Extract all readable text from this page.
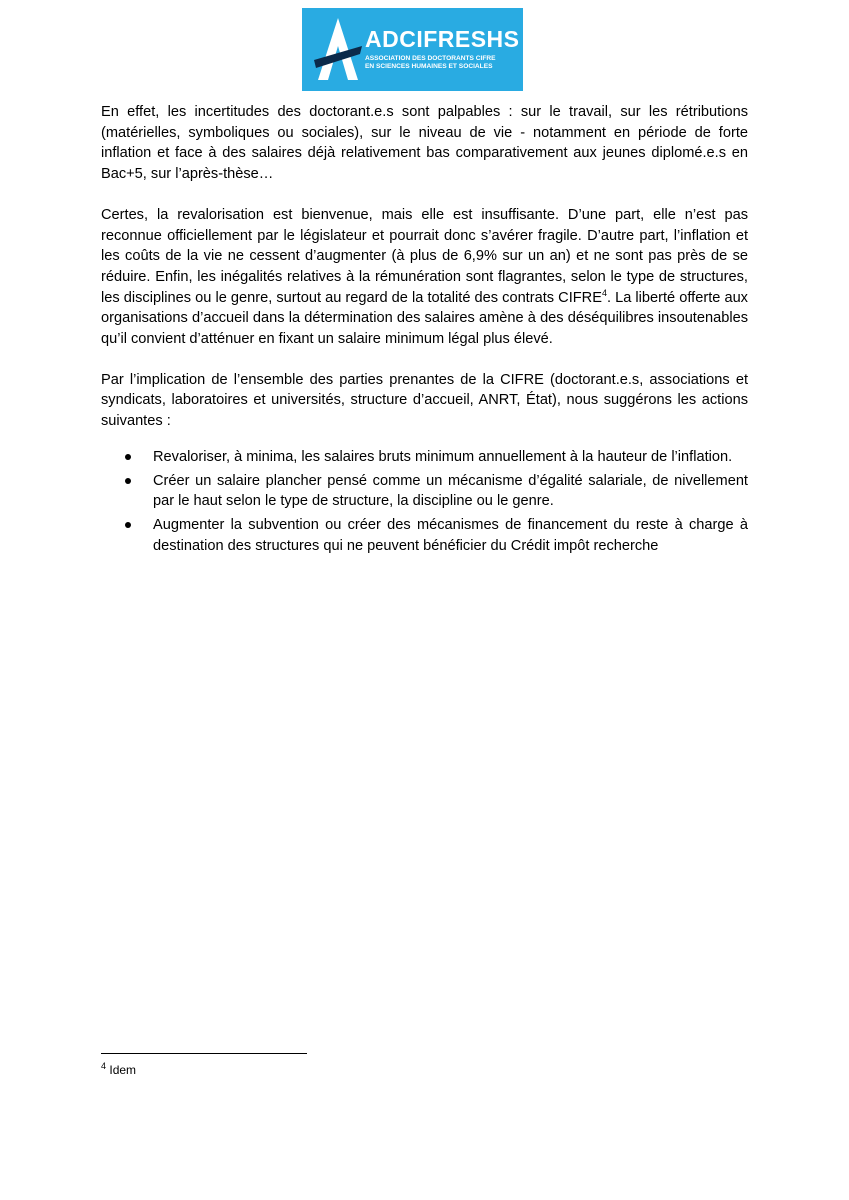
ADCIFRESHS
ASSOCIATION DES DOCTORANTS CIFRE
EN SCIENCES HUMAINES ET SOCIALES

En effet, les incertitudes des doctorant.e.s sont palpables : sur le travail, sur les rétributions (matérielles, symboliques ou sociales), sur le niveau de vie - notamment en période de forte inflation et face à des salaires déjà relativement bas comparativement aux jeunes diplomé.e.s en Bac+5, sur l’après-thèse…

Certes, la revalorisation est bienvenue, mais elle est insuffisante. D’une part, elle n’est pas reconnue officiellement par le législateur et pourrait donc s’avérer fragile. D’autre part, l’inflation et les coûts de la vie ne cessent d’augmenter (à plus de 6,9% sur un an) et ne sont pas près de se réduire. Enfin, les inégalités relatives à la rémunération sont flagrantes, selon le type de structures, les disciplines ou le genre, surtout au regard de la totalité des contrats CIFRE$^4$. La liberté offerte aux organisations d’accueil dans la détermination des salaires amène à des déséquilibres insoutenables qu’il convient d’atténuer en fixant un salaire minimum légal plus élevé.

Par l’implication de l’ensemble des parties prenantes de la CIFRE (doctorant.e.s, associations et syndicats, laboratoires et universités, structure d’accueil, ANRT, État), nous suggérons les actions suivantes :

Revaloriser, à minima, les salaires bruts minimum annuellement à la hauteur de l’inflation.
Créer un salaire plancher pensé comme un mécanisme d’égalité salariale, de nivellement par le haut selon le type de structure, la discipline ou le genre.
Augmenter la subvention ou créer des mécanismes de financement du reste à charge à destination des structures qui ne peuvent bénéficier du Crédit impôt recherche
$^4$ Idem
